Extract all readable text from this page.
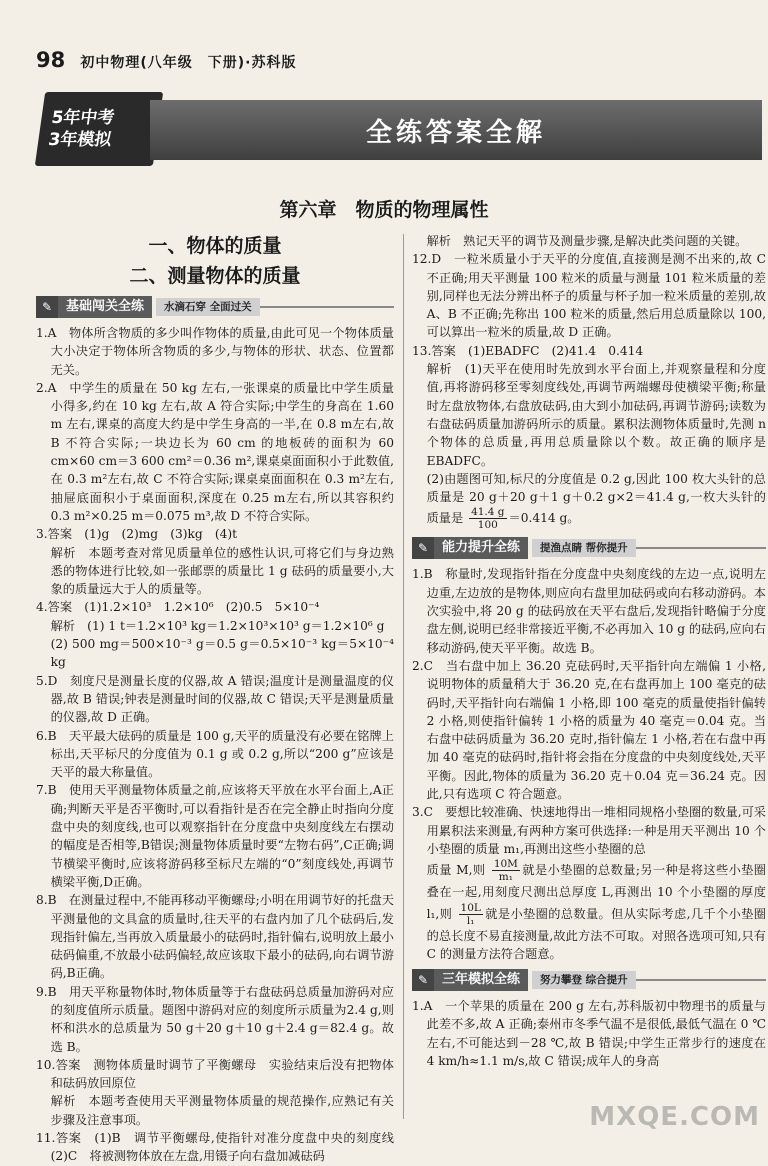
98 初中物理(八年级　下册)·苏科版
5年中考
3年模拟	全练答案全解
第六章　物质的物理属性
一、物体的质量
二、测量物体的质量
✎	基础闯关全练	水滴石穿 全面过关

1.A　物体所含物质的多少叫作物体的质量,由此可见一个物体质量大小决定于物体所含物质的多少,与物体的形状、状态、位置都无关。

2.A　中学生的质量在 50 kg 左右,一张课桌的质量比中学生质量小得多,约在 10 kg 左右,故 A 符合实际;中学生的身高在 1.60 m 左右,课桌的高度大约是中学生身高的一半,在 0.8 m左右,故 B 不符合实际;一块边长为 60 cm 的地板砖的面积为 60 cm×60 cm＝3 600 cm²＝0.36 m²,课桌桌面面积小于此数值,在 0.3 m²左右,故 C 不符合实际;课桌桌面面积在 0.3 m²左右,抽屉底面积小于桌面面积,深度在 0.25 m左右,所以其容积约 0.3 m²×0.25 m＝0.075 m³,故 D 不符合实际。

3.答案　(1)g　(2)mg　(3)kg　(4)t

解析　本题考查对常见质量单位的感性认识,可将它们与身边熟悉的物体进行比较,如一张邮票的质量比 1 g 砝码的质量要小,大象的质量远大于人的质量等。

4.答案　(1)1.2×10³　1.2×10⁶　(2)0.5　5×10⁻⁴

解析　(1) 1 t＝1.2×10³ kg＝1.2×10³×10³ g＝1.2×10⁶ g

(2) 500 mg＝500×10⁻³ g＝0.5 g＝0.5×10⁻³ kg＝5×10⁻⁴ kg

5.D　刻度尺是测量长度的仪器,故 A 错误;温度计是测量温度的仪器,故 B 错误;钟表是测量时间的仪器,故 C 错误;天平是测量质量的仪器,故 D 正确。

6.B　天平最大砝码的质量是 100 g,天平的质量没有必要在铭牌上标出,天平标尺的分度值为 0.1 g 或 0.2 g,所以“200 g”应该是天平的最大称量值。

7.B　使用天平测量物体质量之前,应该将天平放在水平台面上,A正确;判断天平是否平衡时,可以看指针是否在完全静止时指向分度盘中央的刻度线,也可以观察指针在分度盘中央刻度线左右摆动的幅度是否相等,B错误;测量物体质量时要“左物右码”,C正确;调节横梁平衡时,应该将游码移至标尺左端的“0”刻度线处,再调节横梁平衡,D正确。

8.B　在测量过程中,不能再移动平衡螺母;小明在用调节好的托盘天平测量他的文具盒的质量时,往天平的右盘内加了几个砝码后,发现指针偏左,当再放入质量最小的砝码时,指针偏右,说明放上最小砝码偏重,不放最小砝码偏轻,故应该取下最小的砝码,向右调节游码,B正确。

9.B　用天平称量物体时,物体质量等于右盘砝码总质量加游码对应的刻度值所示质量。题图中游码对应的刻度所示质量为2.4 g,则杯和洪水的总质量为 50 g＋20 g＋10 g＋2.4 g＝82.4 g。故选 B。

10.答案　测物体质量时调节了平衡螺母　实验结束后没有把物体和砝码放回原位

解析　本题考查使用天平测量物体质量的规范操作,应熟记有关步骤及注意事项。

11.答案　(1)B　调节平衡螺母,使指针对准分度盘中央的刻度线　(2)C　将被测物体放在左盘,用镊子向右盘加减砝码

解析　熟记天平的调节及测量步骤,是解决此类问题的关键。

12.D　一粒米质量小于天平的分度值,直接测是测不出来的,故 C 不正确;用天平测量 100 粒米的质量与测量 101 粒米质量的差别,同样也无法分辨出杯子的质量与杯子加一粒米质量的差别,故 A、B 不正确;先称出 100 粒米的质量,然后用总质量除以 100,可以算出一粒米的质量,故 D 正确。

13.答案　(1)EBADFC　(2)41.4　0.414

解析　(1)天平在使用时先放到水平台面上,并观察量程和分度值,再将游码移至零刻度线处,再调节两端螺母使横梁平衡;称量时左盘放物体,右盘放砝码,由大到小加砝码,再调节游码;读数为右盘砝码质量加游码所示的质量。累积法测物体质量时,先测 n 个物体的总质量,再用总质量除以个数。故正确的顺序是 EBADFC。

(2)由题图可知,标尺的分度值是 0.2 g,因此 100 枚大头针的总质量是 20 g＋20 g＋1 g＋0.2 g×2＝41.4 g,一枚大头针的质量是 $\frac{41.4 g}{100} =0.414$ g。

✎	能力提升全练	提渔点睛 帮你提升

1.B　称量时,发现指针指在分度盘中央刻度线的左边一点,说明左边重,左边放的是物体,则应向右盘里加砝码或向右移动游码。本次实验中,将 20 g 的砝码放在天平右盘后,发现指针略偏于分度盘左侧,说明已经非常接近平衡,不必再加入 10 g 的砝码,应向右移动游码,使天平平衡。故选 B。

2.C　当右盘中加上 36.20 克砝码时,天平指针向左端偏 1 小格,说明物体的质量稍大于 36.20 克,在右盘再加上 100 毫克的砝码时,天平指针向右端偏 1 小格,即 100 毫克的质量使指针偏转 2 小格,则使指针偏转 1 小格的质量为 40 毫克＝0.04 克。当右盘中砝码质量为 36.20 克时,指针偏左 1 小格,若在右盘中再加 40 毫克的砝码时,指针将会指在分度盘的中央刻度线处,天平平衡。因此,物体的质量为 36.20 克＋0.04 克＝36.24 克。因此,只有选项 C 符合题意。

3.C　要想比较准确、快速地得出一堆相同规格小垫圈的数量,可采用累积法来测量,有两种方案可供选择:一种是用天平测出 10 个小垫圈的质量 m₁,再测出这些小垫圈的总

质量 M,则 $\frac{10M}{\text{m₁}}$ 就是小垫圈的总数量;另一种是将这些小垫圈叠在一起,用刻度尺测出总厚度 L,再测出 10 个小垫圈的厚度 l₁,则 $\frac{10L}{\text{l₁}}$ 就是小垫圈的总数量。但从实际考虑,几千个小垫圈的总长度不易直接测量,故此方法不可取。对照各选项可知,只有 C 的测量方法符合题意。

✎	三年模拟全练	努力攀登 综合提升

1.A　一个苹果的质量在 200 g 左右,苏科版初中物理书的质量与此差不多,故 A 正确;泰州市冬季气温不是很低,最低气温在 0 ℃左右,不可能达到－28 ℃,故 B 错误;中学生正常步行的速度在 4 km/h≈1.1 m/s,故 C 错误;成年人的身高

MXQE.COM
